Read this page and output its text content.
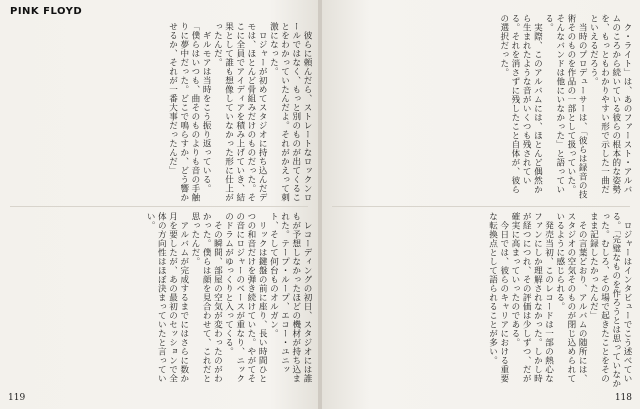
PINK FLOYD

彼らに頼んだら、ストレートなロックンロールではなく、もっと別のものが出てくることをわかっていたんだよ。それがかえって刺激になった。

ロジャーが初めてスタジオに持ち込んだデモは、ほとんど骨組みだけのものだった。そこに全員でアイディアを積み上げていき、結果として誰も想像していなかった形に仕上がったんだ。

ギルモアは当時をこう振り返っている。「僕らはいつも、曲そのものよりも音の手触りに夢中だった。どこで鳴らすか、どう響かせるか、それが一番大事だったんだ」

レコーディングの初日、スタジオには誰もが予想しなかったほどの機材が持ち込まれた。テープ・ループ、エコー・ユニット、そして何台ものオルガン。

リックは鍵盤の前に座り、長い時間ひとつの和音だけを弾き続けていた。やがてその音にロジャーのベースが重なり、ニックのドラムがゆっくりと入ってくる。

その瞬間、部屋の空気が変わったのがわかった。僕らは顔を見合わせて、これだと思ったんだ。

アルバムが完成するまでにはさらに数か月を要したが、あの最初のセッションで全体の方向性はほぼ決まっていたと言っていい。

119

ク・ライト」は、あのファースト・アルバムのころから続いている彼らの根本的な姿勢を、もっともわかりやすい形で示した一曲だといえるだろう。

当時のプロデューサーは、「彼らは録音の技術そのものを作品の一部として扱っていた。そんなバンドは他にいなかった」と語っている。

実際、このアルバムには、ほとんど偶然から生まれたような音がいくつも残されている。それを消さずに残したこと自体が、彼らの選択だった。

ロジャーはインタビューでこう述べている。「完璧なものを作ろうとは思っていなかった。むしろ、その場で起きたことをそのまま記録したかったんだ」

その言葉どおり、アルバムの随所には、スタジオの空気そのものが閉じ込められているように感じられる。

発売当初、このレコードは一部の熱心なファンにしか理解されなかった。しかし時が経つにつれ、その評価は少しずつ、だが確実に高まっていったのである。

今日では、彼らのキャリアにおける重要な転換点として語られることが多い。

118
